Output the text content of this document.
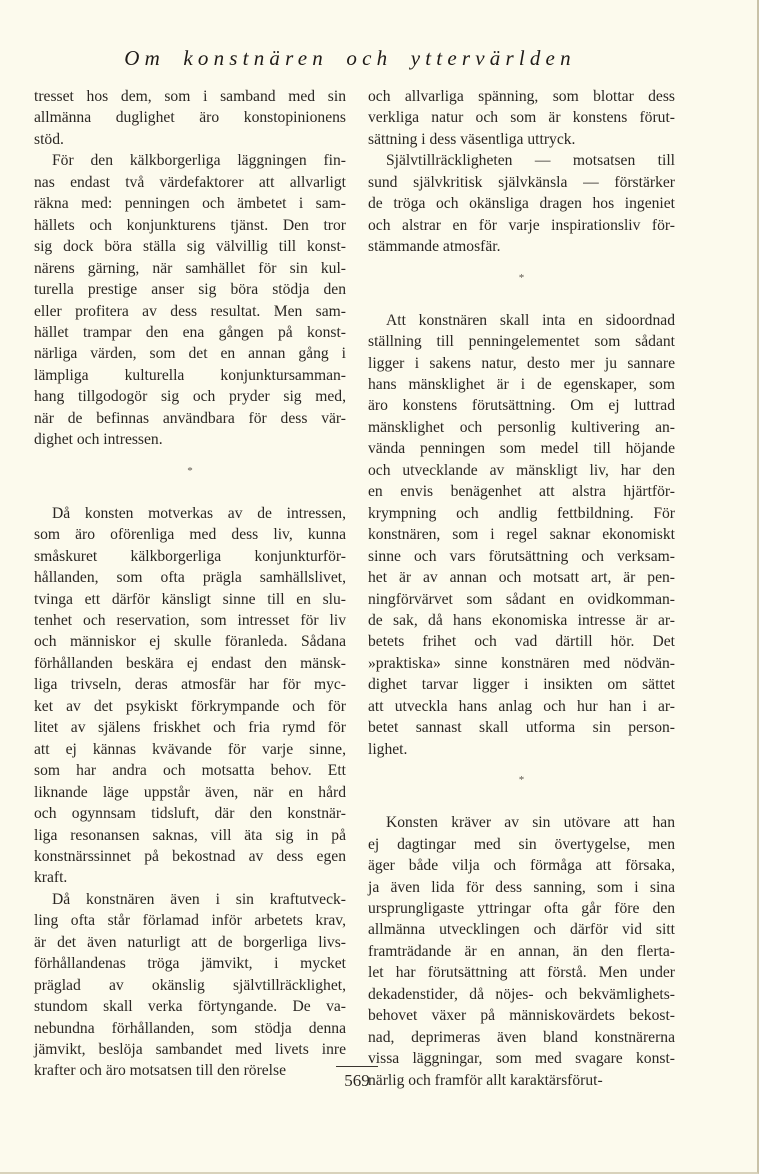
Om konstnären och yttervärlden

tresset hos dem, som i samband med sin
allmänna duglighet äro konstopinionens
stöd.

För den kälkborgerliga läggningen fin-
nas endast två värdefaktorer att allvarligt
räkna med: penningen och ämbetet i sam-
hällets och konjunkturens tjänst. Den tror
sig dock böra ställa sig välvillig till konst-
närens gärning, när samhället för sin kul-
turella prestige anser sig böra stödja den
eller profitera av dess resultat. Men sam-
hället trampar den ena gången på konst-
närliga värden, som det en annan gång i
lämpliga kulturella konjunktursamman-
hang tillgodogör sig och pryder sig med,
när de befinnas användbara för dess vär-
dighet och intressen.

*

Då konsten motverkas av de intressen,
som äro oförenliga med dess liv, kunna
småskuret kälkborgerliga konjunkturför-
hållanden, som ofta prägla samhällslivet,
tvinga ett därför känsligt sinne till en slu-
tenhet och reservation, som intresset för liv
och människor ej skulle föranleda. Sådana
förhållanden beskära ej endast den mänsk-
liga trivseln, deras atmosfär har för myc-
ket av det psykiskt förkrympande och för
litet av själens friskhet och fria rymd för
att ej kännas kvävande för varje sinne,
som har andra och motsatta behov. Ett
liknande läge uppstår även, när en hård
och ogynnsam tidsluft, där den konstnär-
liga resonansen saknas, vill äta sig in på
konstnärssinnet på bekostnad av dess egen
kraft.

Då konstnären även i sin kraftutveck-
ling ofta står förlamad inför arbetets krav,
är det även naturligt att de borgerliga livs-
förhållandenas tröga jämvikt, i mycket
präglad av okänslig självtillräcklighet,
stundom skall verka förtyngande. De va-
nebundna förhållanden, som stödja denna
jämvikt, beslöja sambandet med livets inre
krafter och äro motsatsen till den rörelse

och allvarliga spänning, som blottar dess
verkliga natur och som är konstens förut-
sättning i dess väsentliga uttryck.

Självtillräckligheten — motsatsen till
sund självkritisk självkänsla — förstärker
de tröga och okänsliga dragen hos ingeniet
och alstrar en för varje inspirationsliv för-
stämmande atmosfär.

*

Att konstnären skall inta en sidoordnad
ställning till penningelementet som sådant
ligger i sakens natur, desto mer ju sannare
hans mänsklighet är i de egenskaper, som
äro konstens förutsättning. Om ej luttrad
mänsklighet och personlig kultivering an-
vända penningen som medel till höjande
och utvecklande av mänskligt liv, har den
en envis benägenhet att alstra hjärtför-
krympning och andlig fettbildning. För
konstnären, som i regel saknar ekonomiskt
sinne och vars förutsättning och verksam-
het är av annan och motsatt art, är pen-
ningförvärvet som sådant en ovidkomman-
de sak, då hans ekonomiska intresse är ar-
betets frihet och vad därtill hör. Det
»praktiska» sinne konstnären med nödvän-
dighet tarvar ligger i insikten om sättet
att utveckla hans anlag och hur han i ar-
betet sannast skall utforma sin person-
lighet.

*

Konsten kräver av sin utövare att han
ej dagtingar med sin övertygelse, men
äger både vilja och förmåga att försaka,
ja även lida för dess sanning, som i sina
ursprungligaste yttringar ofta går före den
allmänna utvecklingen och därför vid sitt
framträdande är en annan, än den flerta-
let har förutsättning att förstå. Men under
dekadenstider, då nöjes- och bekvämlighets-
behovet växer på människovärdets bekost-
nad, deprimeras även bland konstnärerna
vissa läggningar, som med svagare konst-
närlig och framför allt karaktärsförut-

569
